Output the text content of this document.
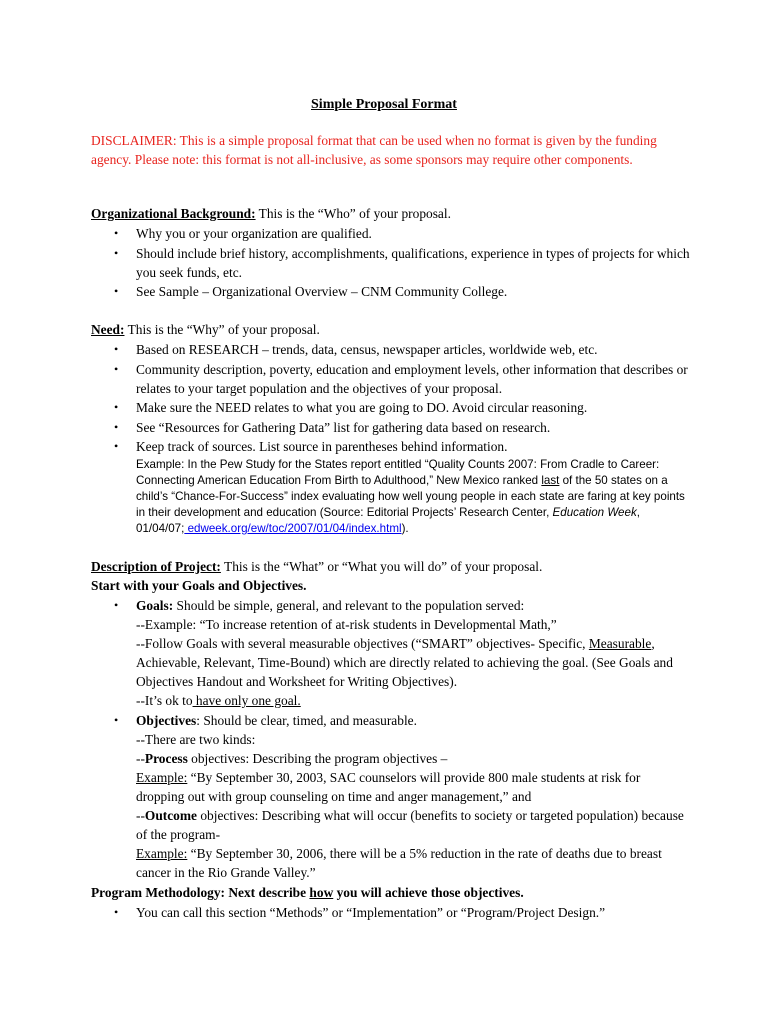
Simple Proposal Format
DISCLAIMER: This is a simple proposal format that can be used when no format is given by the funding agency. Please note: this format is not all-inclusive, as some sponsors may require other components.

Organizational Background: This is the “Who” of your proposal.

• Why you or your organization are qualified.
• Should include brief history, accomplishments, qualifications, experience in types of projects for which you seek funds, etc.
• See Sample – Organizational Overview – CNM Community College.

Need: This is the “Why” of your proposal.

• Based on RESEARCH – trends, data, census, newspaper articles, worldwide web, etc.
• Community description, poverty, education and employment levels, other information that describes or relates to your target population and the objectives of your proposal.
• Make sure the NEED relates to what you are going to DO. Avoid circular reasoning.
• See “Resources for Gathering Data” list for gathering data based on research.
• Keep track of sources. List source in parentheses behind information.
Example: In the Pew Study for the States report entitled “Quality Counts 2007: From Cradle to Career: Connecting American Education From Birth to Adulthood,” New Mexico ranked last of the 50 states on a child’s “Chance-For-Success” index evaluating how well young people in each state are faring at key points in their development and education (Source: Editorial Projects’ Research Center, Education Week, 01/04/07; edweek.org/ew/toc/2007/01/04/index.html).

Description of Project: This is the “What” or “What you will do” of your proposal.

Start with your Goals and Objectives.

• Goals: Should be simple, general, and relevant to the population served:
--Example: “To increase retention of at-risk students in Developmental Math,”
--Follow Goals with several measurable objectives (“SMART” objectives- Specific, Measurable, Achievable, Relevant, Time-Bound) which are directly related to achieving the goal. (See Goals and Objectives Handout and Worksheet for Writing Objectives).
--It’s ok to have only one goal.
• Objectives: Should be clear, timed, and measurable.
--There are two kinds:
--Process objectives: Describing the program objectives –
Example: “By September 30, 2003, SAC counselors will provide 800 male students at risk for dropping out with group counseling on time and anger management,” and
--Outcome objectives: Describing what will occur (benefits to society or targeted population) because of the program-
Example: “By September 30, 2006, there will be a 5% reduction in the rate of deaths due to breast cancer in the Rio Grande Valley.”

Program Methodology: Next describe how you will achieve those objectives.

• You can call this section “Methods” or “Implementation” or “Program/Project Design.”
